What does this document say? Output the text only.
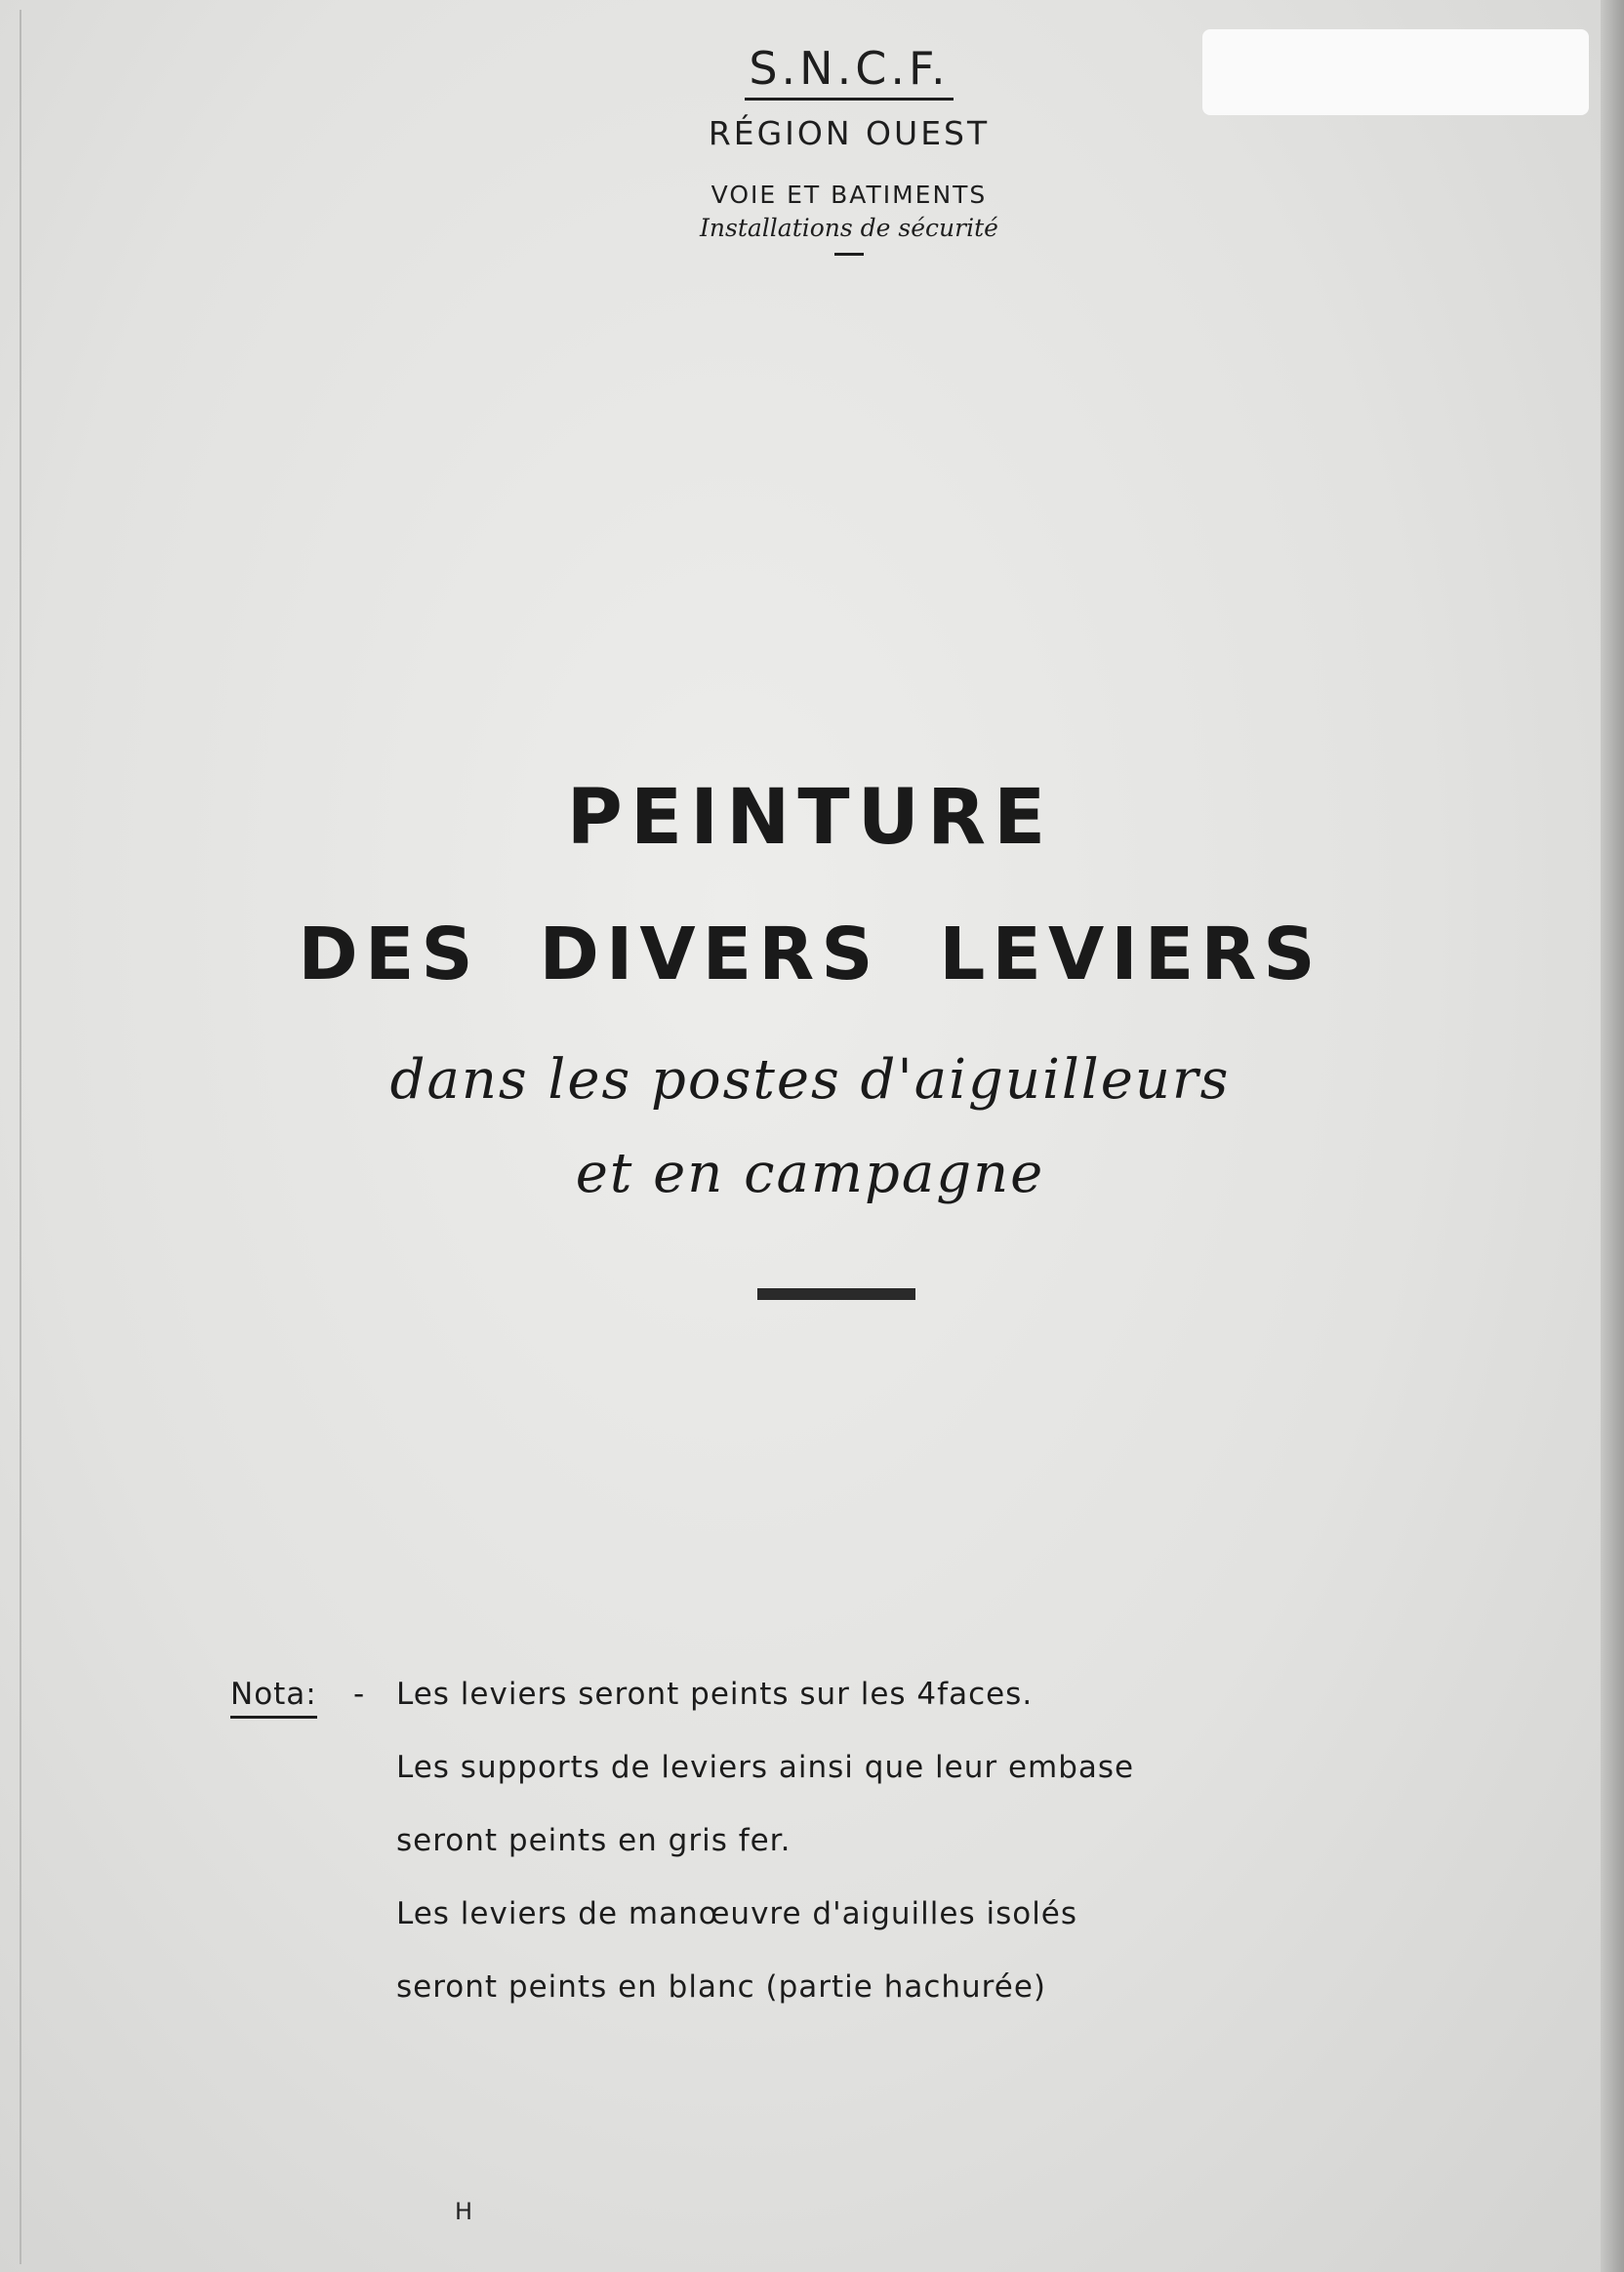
S.N.C.F.
RÉGION OUEST
VOIE ET BATIMENTS
Installations de sécurité
PEINTURE
DES DIVERS LEVIERS
dans les postes d'aiguilleurs
et en campagne
Nota: - Les leviers seront peints sur les 4faces.
Les supports de leviers ainsi que leur embase
seront peints en gris fer.
Les leviers de manœuvre d'aiguilles isolés
seront peints en blanc (partie hachurée)
H
